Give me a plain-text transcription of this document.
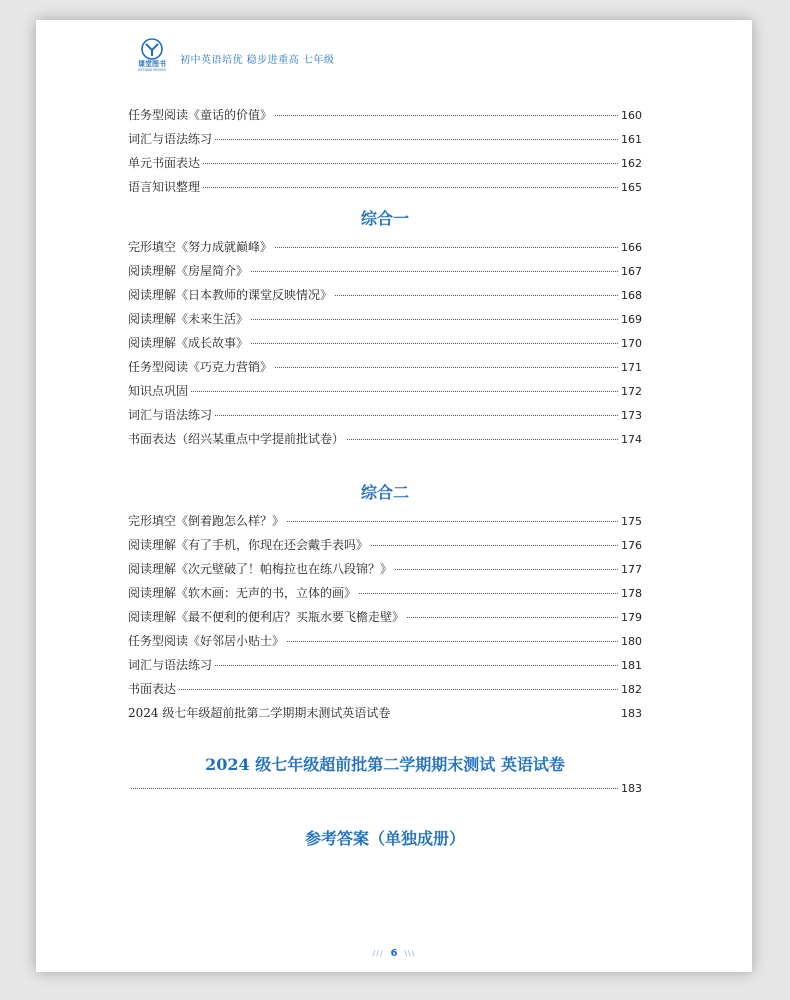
课堂图书
KETANG BOOKS
初中英语培优 稳步进重高 七年级
任务型阅读《童话的价值》	160
词汇与语法练习	161
单元书面表达	162
语言知识整理	165
综合一
完形填空《努力成就巅峰》	166
阅读理解《房屋简介》	167
阅读理解《日本教师的课堂反映情况》	168
阅读理解《未来生活》	169
阅读理解《成长故事》	170
任务型阅读《巧克力营销》	171
知识点巩固	172
词汇与语法练习	173
书面表达（绍兴某重点中学提前批试卷）	174
综合二
完形填空《倒着跑怎么样？》	175
阅读理解《有了手机，你现在还会戴手表吗》	176
阅读理解《次元壁破了！帕梅拉也在练八段锦？》	177
阅读理解《软木画：无声的书，立体的画》	178
阅读理解《最不便利的便利店？买瓶水要飞檐走壁》	179
任务型阅读《好邻居小贴士》	180
词汇与语法练习	181
书面表达	182
2024 级七年级超前批第二学期期末测试英语试卷	183
2024 级七年级超前批第二学期期末测试 英语试卷
183
参考答案（单独成册）
/// 6 \\\
